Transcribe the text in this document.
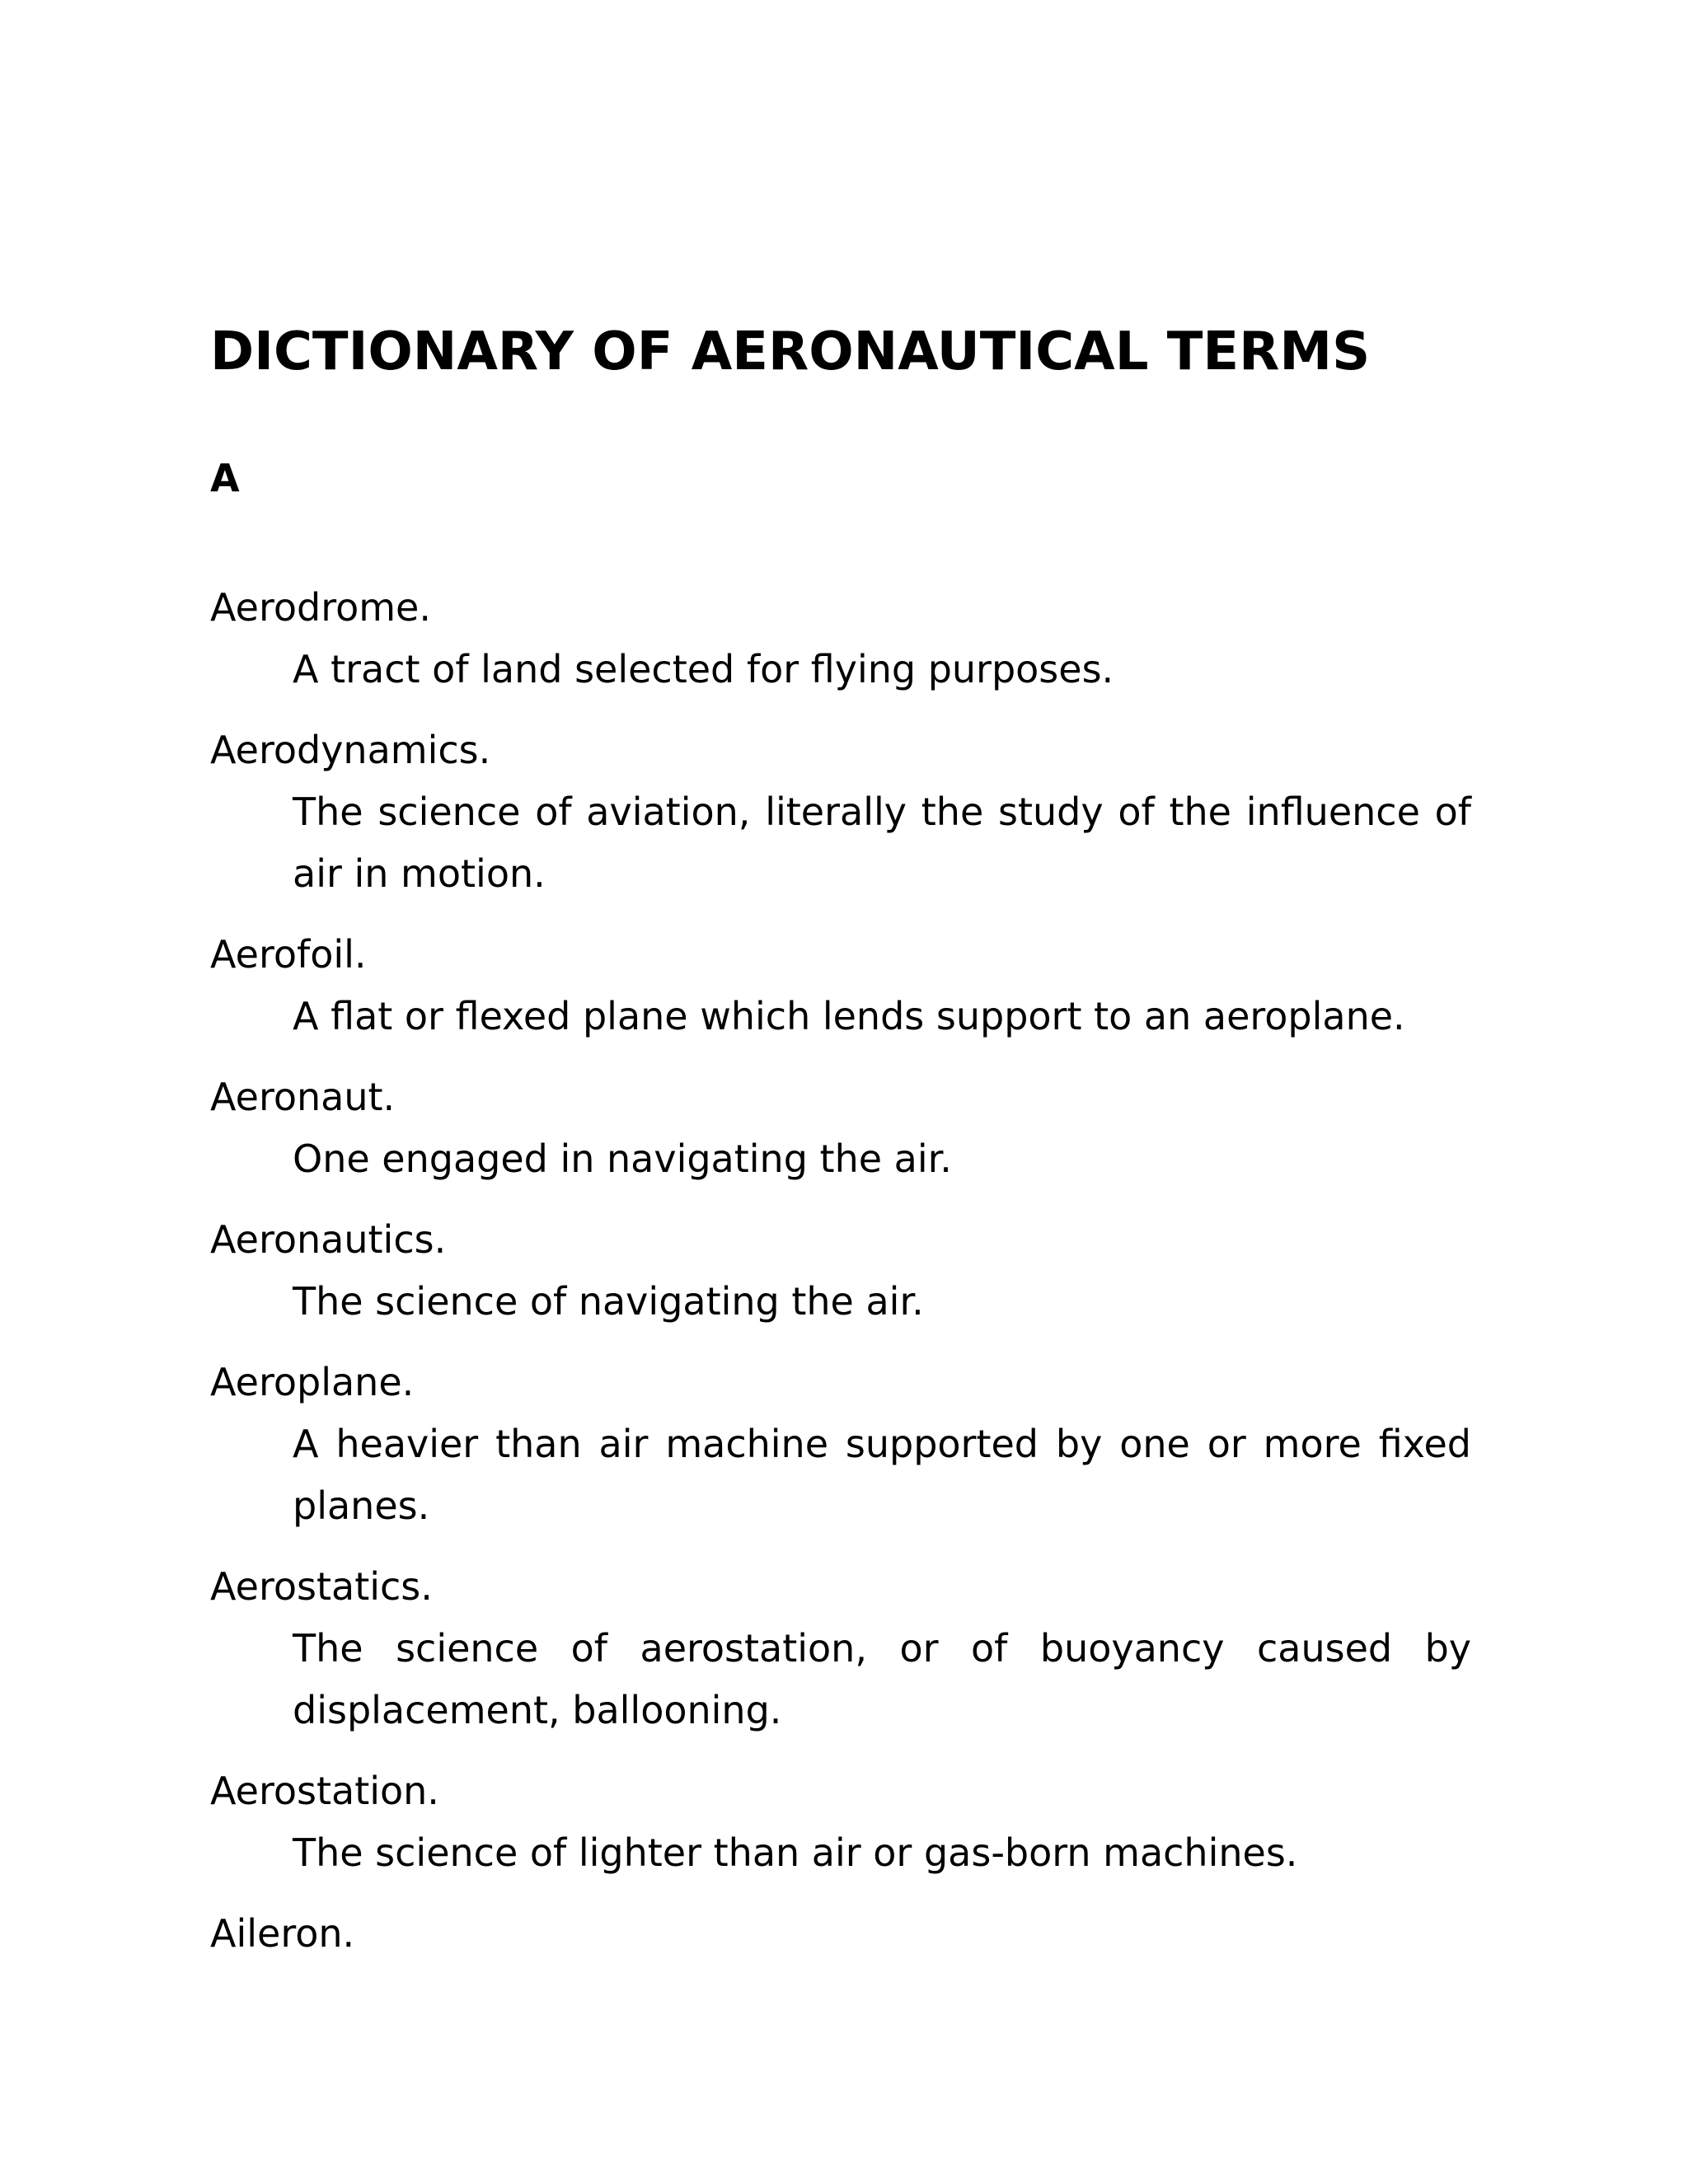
DICTIONARY OF AERONAUTICAL TERMS
A
Aerodrome.
A tract of land selected for flying purposes.
Aerodynamics.
The science of aviation, literally the study of the influence of air in motion.
Aerofoil.
A flat or flexed plane which lends support to an aeroplane.
Aeronaut.
One engaged in navigating the air.
Aeronautics.
The science of navigating the air.
Aeroplane.
A heavier than air machine supported by one or more fixed planes.
Aerostatics.
The science of aerostation, or of buoyancy caused by displacement, ballooning.
Aerostation.
The science of lighter than air or gas-born machines.
Aileron.
